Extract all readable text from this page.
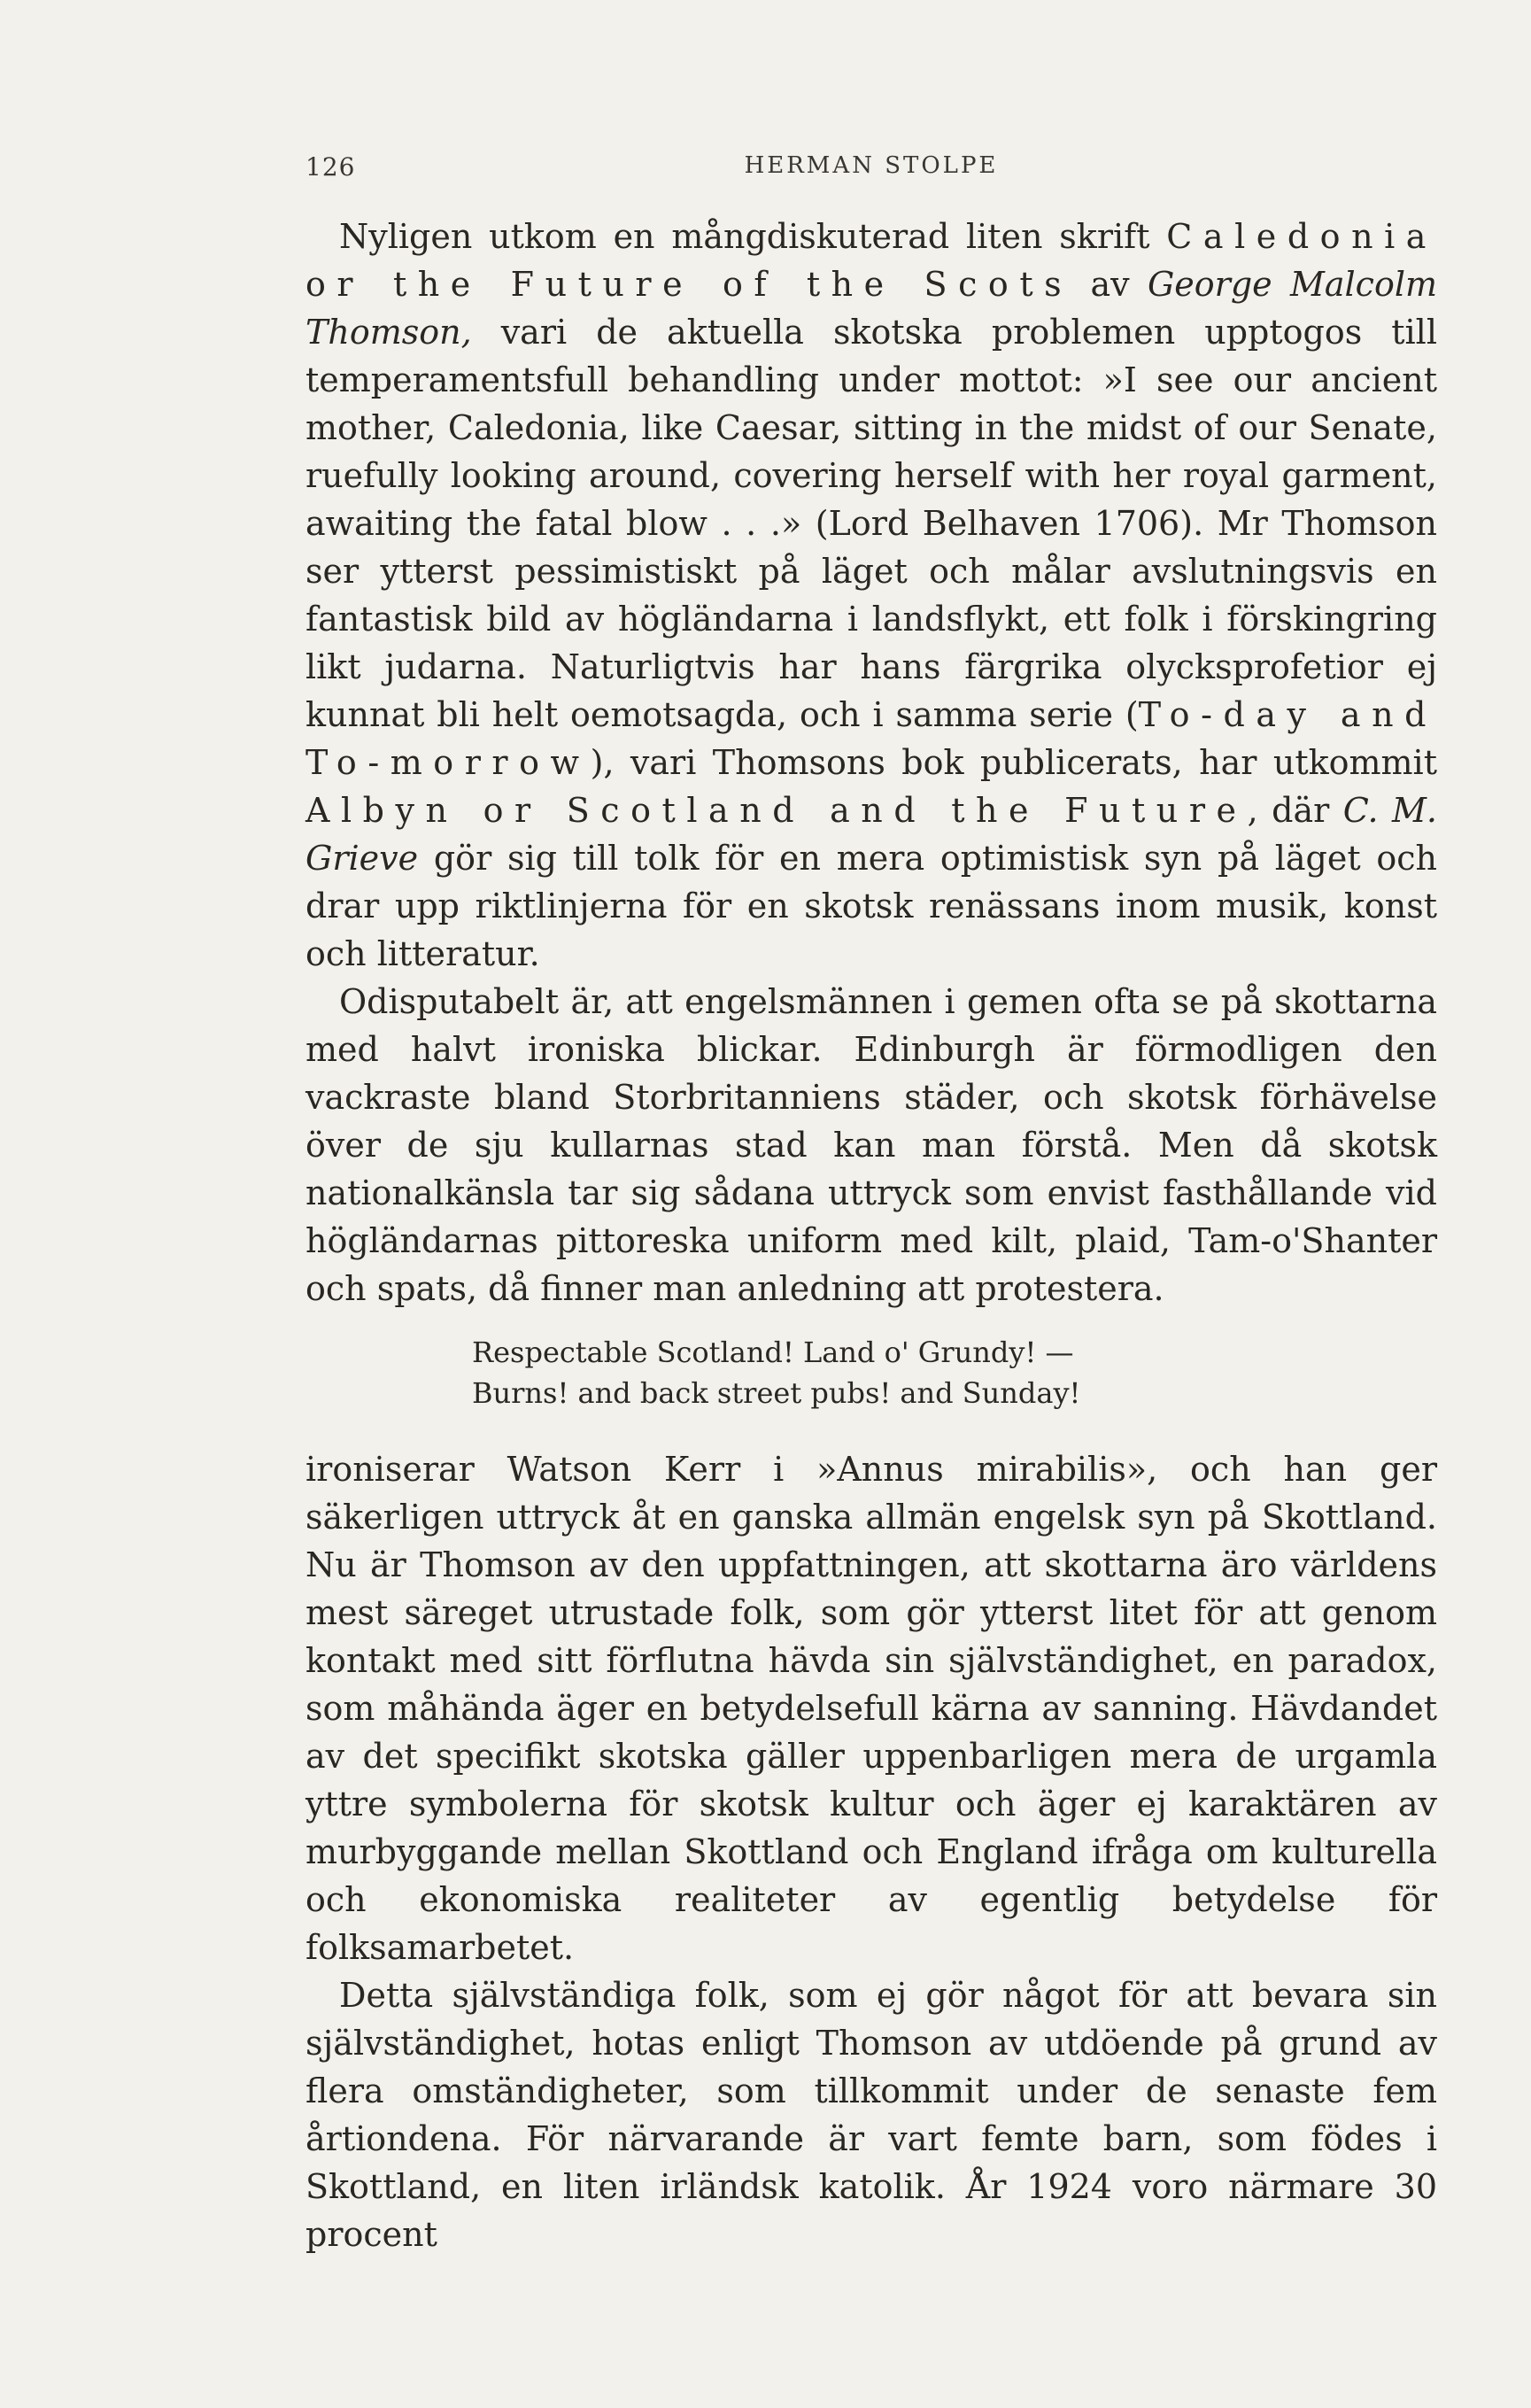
126	HERMAN STOLPE

Nyligen utkom en mångdiskuterad liten skrift Caledonia or the Future of the Scots av George Malcolm Thomson, vari de aktuella skotska problemen upptogos till temperamentsfull behandling under mottot: »I see our ancient mother, Caledonia, like Caesar, sitting in the midst of our Senate, ruefully looking around, covering herself with her royal garment, awaiting the fatal blow . . .» (Lord Belhaven 1706). Mr Thomson ser ytterst pessimistiskt på läget och målar avslutningsvis en fantastisk bild av högländarna i landsflykt, ett folk i förskingring likt judarna. Naturligtvis har hans färgrika olycksprofetior ej kunnat bli helt oemotsagda, och i samma serie (To-day and To-morrow), vari Thomsons bok publicerats, har utkommit Albyn or Scotland and the Future, där C. M. Grieve gör sig till tolk för en mera optimistisk syn på läget och drar upp riktlinjerna för en skotsk renässans inom musik, konst och litteratur.

Odisputabelt är, att engelsmännen i gemen ofta se på skottarna med halvt ironiska blickar. Edinburgh är förmodligen den vackraste bland Storbritanniens städer, och skotsk förhävelse över de sju kullarnas stad kan man förstå. Men då skotsk nationalkänsla tar sig sådana uttryck som envist fasthållande vid högländarnas pittoreska uniform med kilt, plaid, Tam-o'Shanter och spats, då finner man anledning att protestera.

Respectable Scotland! Land o' Grundy! —
Burns! and back street pubs! and Sunday!

ironiserar Watson Kerr i »Annus mirabilis», och han ger säkerligen uttryck åt en ganska allmän engelsk syn på Skottland. Nu är Thomson av den uppfattningen, att skottarna äro världens mest säreget utrustade folk, som gör ytterst litet för att genom kontakt med sitt förflutna hävda sin självständighet, en paradox, som måhända äger en betydelsefull kärna av sanning. Hävdandet av det specifikt skotska gäller uppenbarligen mera de urgamla yttre symbolerna för skotsk kultur och äger ej karaktären av murbyggande mellan Skottland och England ifråga om kulturella och ekonomiska realiteter av egentlig betydelse för folksamarbetet.

Detta självständiga folk, som ej gör något för att bevara sin självständighet, hotas enligt Thomson av utdöende på grund av flera omständigheter, som tillkommit under de senaste fem årtiondena. För närvarande är vart femte barn, som födes i Skottland, en liten irländsk katolik. År 1924 voro närmare 30 procent
